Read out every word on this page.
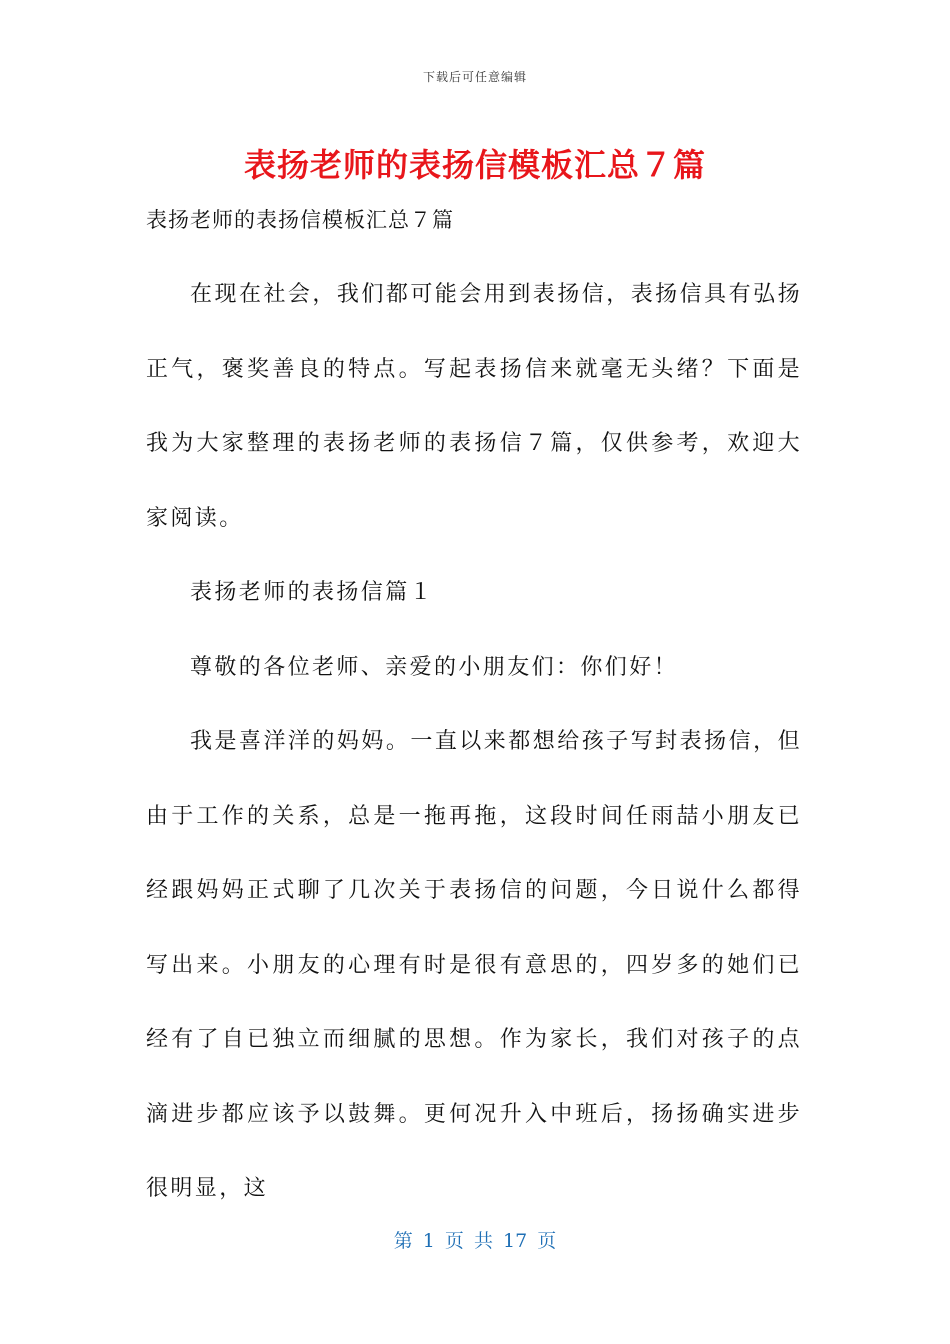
下载后可任意编辑
表扬老师的表扬信模板汇总７篇
表扬老师的表扬信模板汇总７篇

在现在社会，我们都可能会用到表扬信，表扬信具有弘扬正气，褒奖善良的特点。写起表扬信来就毫无头绪？下面是我为大家整理的表扬老师的表扬信７篇，仅供参考，欢迎大家阅读。

表扬老师的表扬信篇１

尊敬的各位老师、亲爱的小朋友们：你们好！

我是喜洋洋的妈妈。一直以来都想给孩子写封表扬信，但由于工作的关系，总是一拖再拖，这段时间任雨喆小朋友已经跟妈妈正式聊了几次关于表扬信的问题，今日说什么都得写出来。小朋友的心理有时是很有意思的，四岁多的她们已经有了自已独立而细腻的思想。作为家长，我们对孩子的点滴进步都应该予以鼓舞。更何况升入中班后，扬扬确实进步很明显，这

第 1 页 共 17 页
